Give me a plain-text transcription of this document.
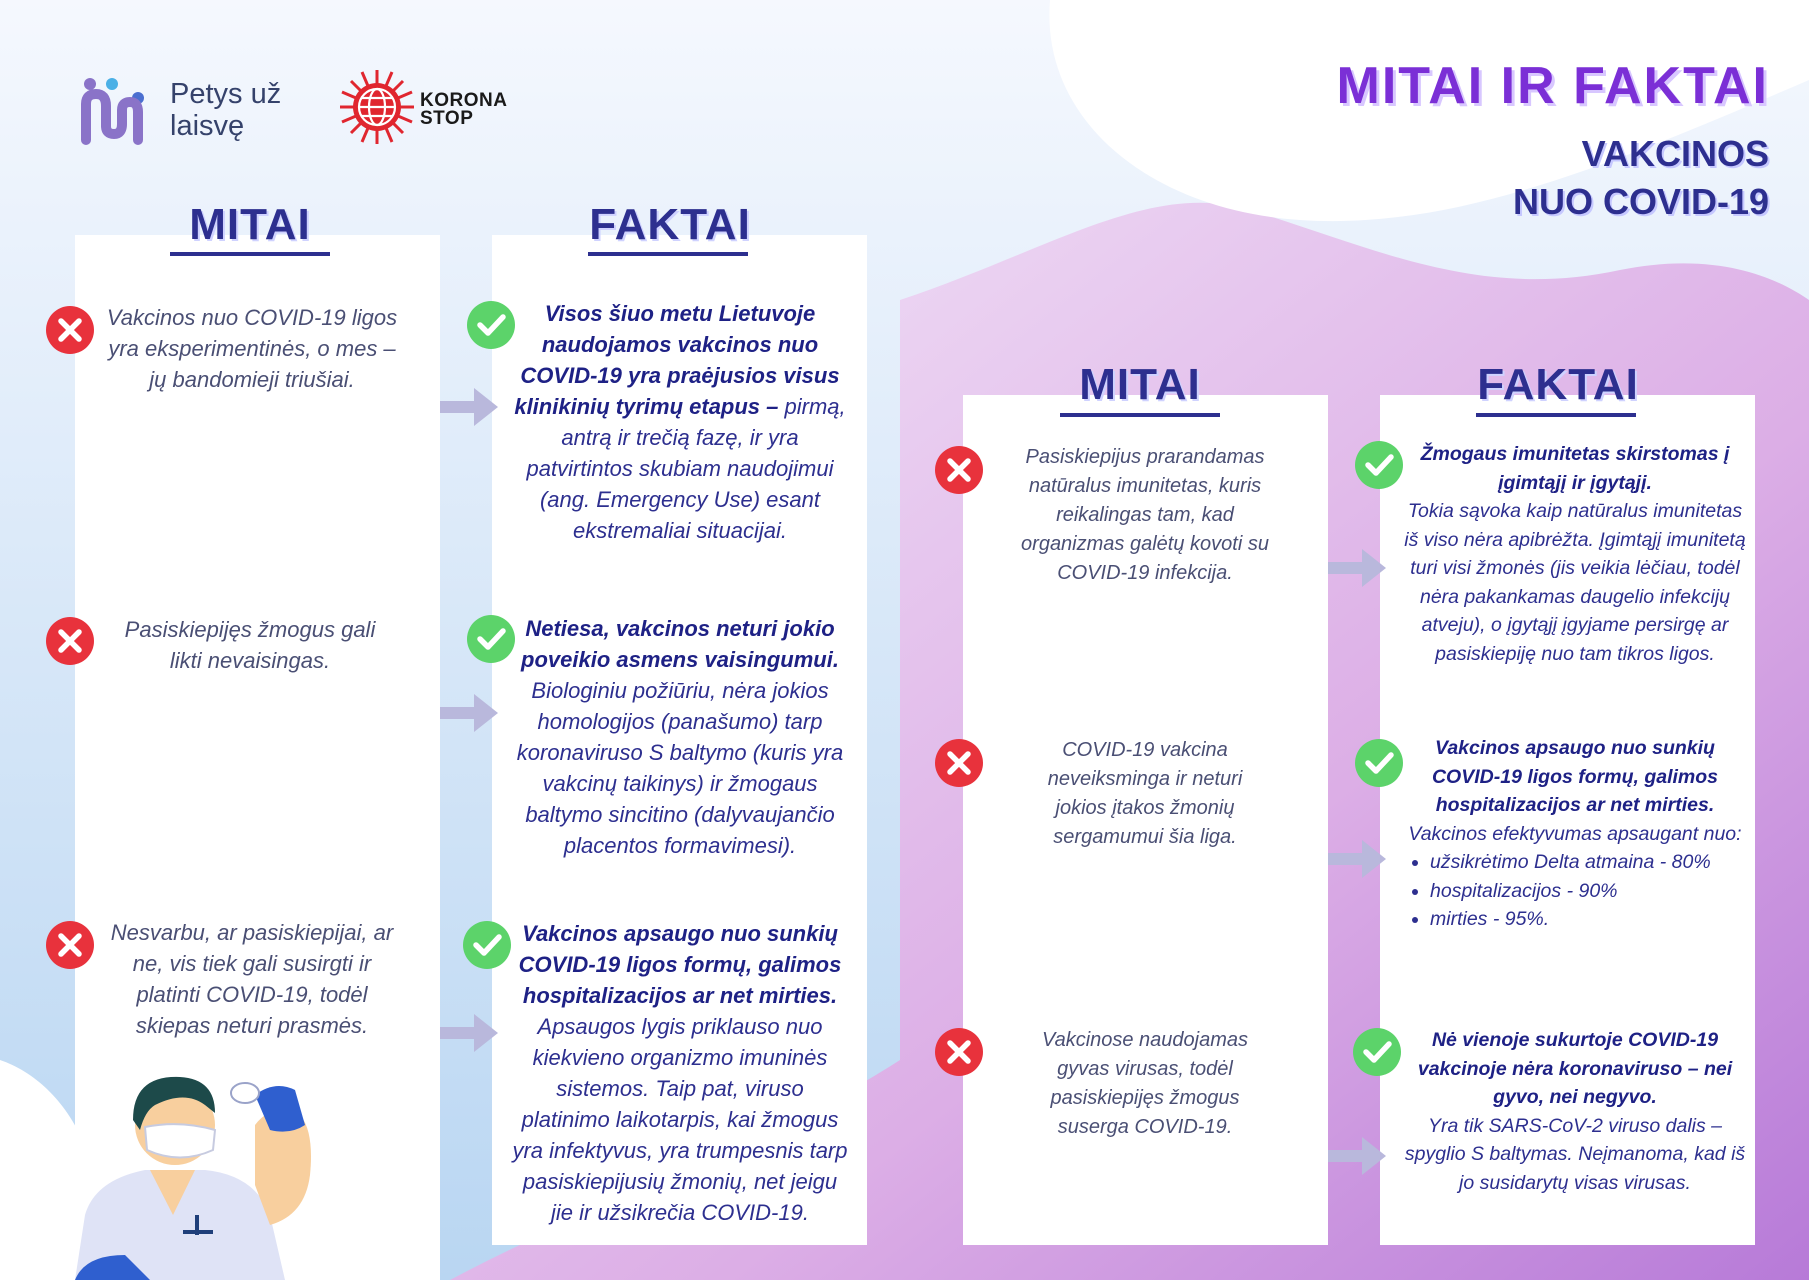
Petys už
laisvę
KORONA
STOP
MITAI IR FAKTAI
VAKCINOS
NUO COVID-19
MITAI	FAKTAI
Vakcinos nuo COVID-19 ligos yra eksperimentinės, o mes – jų bandomieji triušiai.
Visos šiuo metu Lietuvoje naudojamos vakcinos nuo COVID-19 yra praėjusios visus klinikinių tyrimų etapus – pirmą, antrą ir trečią fazę, ir yra patvirtintos skubiam naudojimui (ang. Emergency Use) esant ekstremaliai situacijai.
Pasiskiepijęs žmogus gali likti nevaisingas.
Netiesa, vakcinos neturi jokio poveikio asmens vaisingumui. Biologiniu požiūriu, nėra jokios homologijos (panašumo) tarp koronaviruso S baltymo (kuris yra vakcinų taikinys) ir žmogaus baltymo sincitino (dalyvaujančio placentos formavimesi).
Nesvarbu, ar pasiskiepijai, ar ne, vis tiek gali susirgti ir platinti COVID-19, todėl skiepas neturi prasmės.
Vakcinos apsaugo nuo sunkių COVID-19 ligos formų, galimos hospitalizacijos ar net mirties. Apsaugos lygis priklauso nuo kiekvieno organizmo imuninės sistemos. Taip pat, viruso platinimo laikotarpis, kai žmogus yra infektyvus, yra trumpesnis tarp pasiskiepijusių žmonių, net jeigu jie ir užsikrečia COVID-19.
MITAI	FAKTAI
Pasiskiepijus prarandamas natūralus imunitetas, kuris reikalingas tam, kad organizmas galėtų kovoti su COVID-19 infekcija.
Žmogaus imunitetas skirstomas į įgimtąjį ir įgytąjį.
Tokia sąvoka kaip natūralus imunitetas iš viso nėra apibrėžta. Įgimtąjį imunitetą turi visi žmonės (jis veikia lėčiau, todėl nėra pakankamas daugelio infekcijų atveju), o įgytąjį įgyjame persirgę ar pasiskiepiję nuo tam tikros ligos.
COVID-19 vakcina neveiksminga ir neturi jokios įtakos žmonių sergamumui šia liga.
Vakcinos apsaugo nuo sunkių COVID-19 ligos formų, galimos hospitalizacijos ar net mirties.
Vakcinos efektyvumas apsaugant nuo:
• užsikrėtimo Delta atmaina - 80%
• hospitalizacijos - 90%
• mirties - 95%.
Vakcinose naudojamas gyvas virusas, todėl pasiskiepijęs žmogus suserga COVID-19.
Nė vienoje sukurtoje COVID-19 vakcinoje nėra koronaviruso – nei gyvo, nei negyvo.
Yra tik SARS-CoV-2 viruso dalis – spyglio S baltymas. Neįmanoma, kad iš jo susidarytų visas virusas.
